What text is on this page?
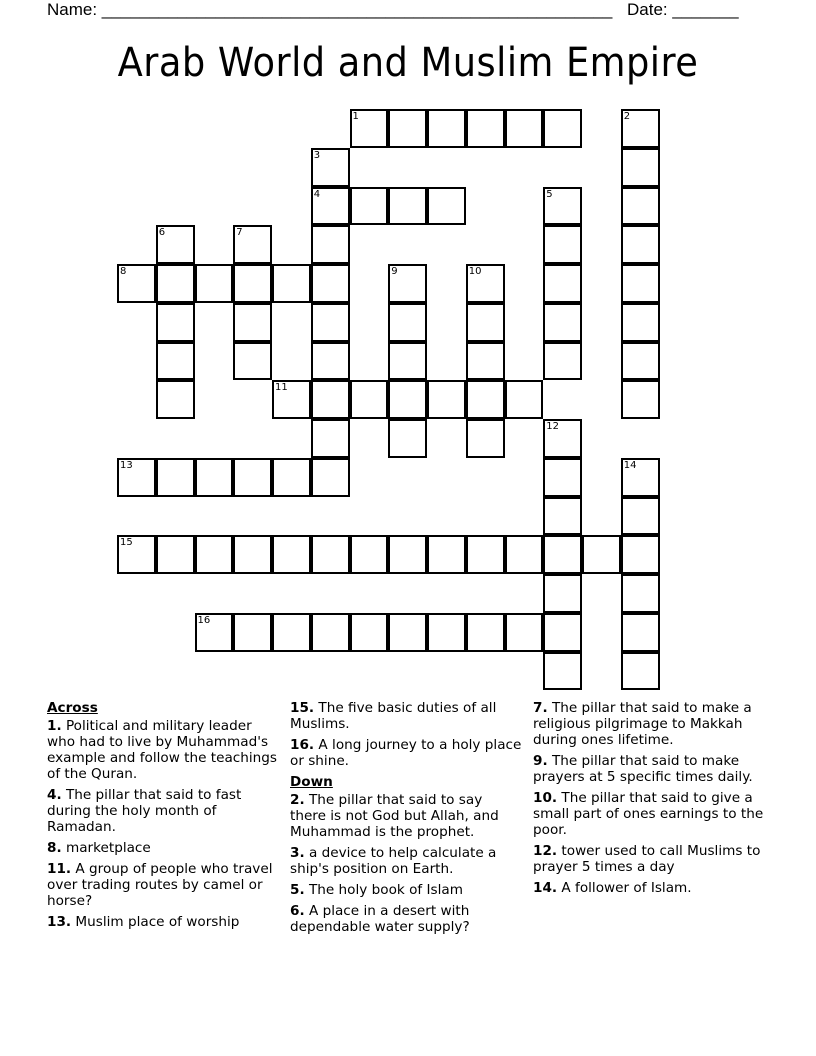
Name: ______________________________________________________ Date: _______
Arab World and Muslim Empire
1	2
3
4	5
6	7
8	9	10
11
12
13	14
15
16
Across
1. Political and military leader who had to live by Muhammad's example and follow the teachings of the Quran.
4. The pillar that said to fast during the holy month of Ramadan.
8. marketplace
11. A group of people who travel over trading routes by camel or horse?
13. Muslim place of worship
15. The five basic duties of all Muslims.
16. A long journey to a holy place or shine.
Down
2. The pillar that said to say there is not God but Allah, and Muhammad is the prophet.
3. a device to help calculate a ship's position on Earth.
5. The holy book of Islam
6. A place in a desert with dependable water supply?
7. The pillar that said to make a religious pilgrimage to Makkah during ones lifetime.
9. The pillar that said to make prayers at 5 specific times daily.
10. The pillar that said to give a small part of ones earnings to the poor.
12. tower used to call Muslims to prayer 5 times a day
14. A follower of Islam.
